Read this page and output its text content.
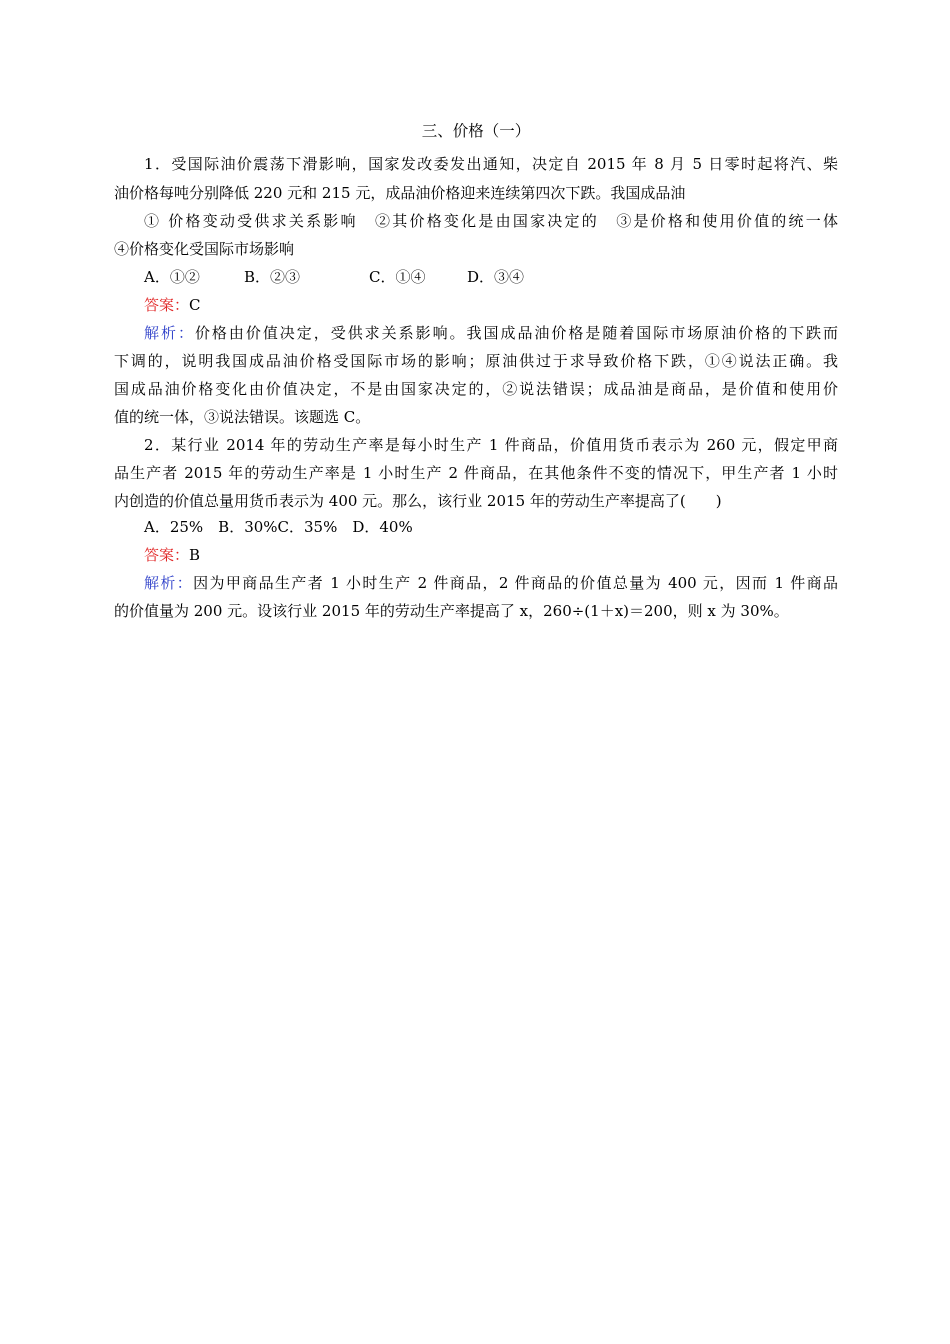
三、价格（一）
1．受国际油价震荡下滑影响，国家发改委发出通知，决定自 2015 年 8 月 5 日零时起将汽、柴
油价格每吨分别降低 220 元和 215 元，成品油价格迎来连续第四次下跌。我国成品油
① 价格变动受供求关系影响　②其价格变化是由国家决定的　③是价格和使用价值的统一体
④价格变化受国际市场影响
A．①②	B．②③	C．①④	D．③④
答案：C
解析：价格由价值决定，受供求关系影响。我国成品油价格是随着国际市场原油价格的下跌而
下调的，说明我国成品油价格受国际市场的影响；原油供过于求导致价格下跌，①④说法正确。我
国成品油价格变化由价值决定，不是由国家决定的，②说法错误；成品油是商品，是价值和使用价
值的统一体，③说法错误。该题选 C。
2．某行业 2014 年的劳动生产率是每小时生产 1 件商品，价值用货币表示为 260 元，假定甲商
品生产者 2015 年的劳动生产率是 1 小时生产 2 件商品，在其他条件不变的情况下，甲生产者 1 小时
内创造的价值总量用货币表示为 400 元。那么，该行业 2015 年的劳动生产率提高了(　　)
A．25%　B．30%C．35%　D．40%
答案：B
解析：因为甲商品生产者 1 小时生产 2 件商品，2 件商品的价值总量为 400 元，因而 1 件商品
的价值量为 200 元。设该行业 2015 年的劳动生产率提高了 x，260÷(1＋x)＝200，则 x 为 30%。
